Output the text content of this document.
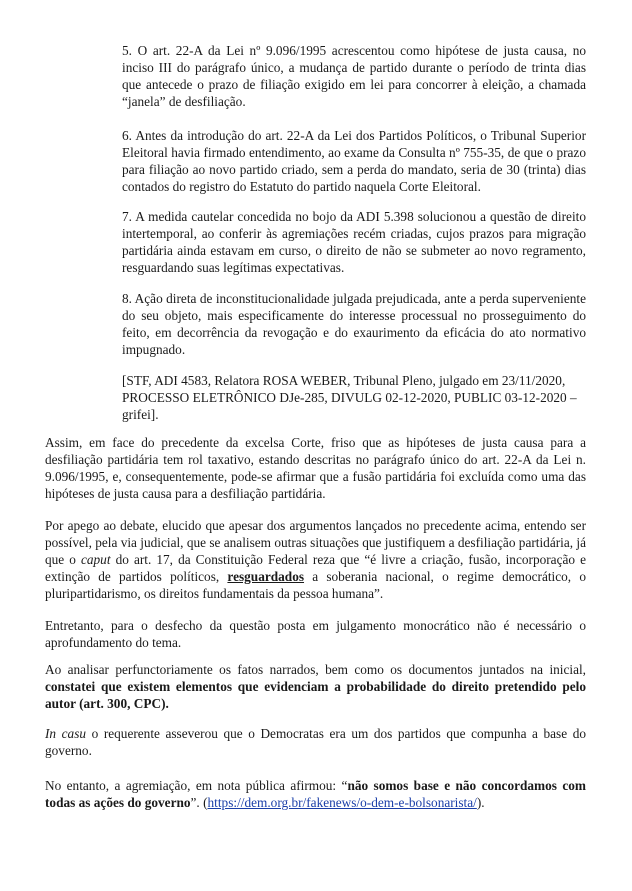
5. O art. 22-A da Lei nº 9.096/1995 acrescentou como hipótese de justa causa, no inciso III do parágrafo único, a mudança de partido durante o período de trinta dias que antecede o prazo de filiação exigido em lei para concorrer à eleição, a chamada “janela” de desfiliação.
6. Antes da introdução do art. 22-A da Lei dos Partidos Políticos, o Tribunal Superior Eleitoral havia firmado entendimento, ao exame da Consulta nº 755-35, de que o prazo para filiação ao novo partido criado, sem a perda do mandato, seria de 30 (trinta) dias contados do registro do Estatuto do partido naquela Corte Eleitoral.
7. A medida cautelar concedida no bojo da ADI 5.398 solucionou a questão de direito intertemporal, ao conferir às agremiações recém criadas, cujos prazos para migração partidária ainda estavam em curso, o direito de não se submeter ao novo regramento, resguardando suas legítimas expectativas.
8. Ação direta de inconstitucionalidade julgada prejudicada, ante a perda superveniente do seu objeto, mais especificamente do interesse processual no prosseguimento do feito, em decorrência da revogação e do exaurimento da eficácia do ato normativo impugnado.
[STF, ADI 4583, Relatora ROSA WEBER, Tribunal Pleno, julgado em 23/11/2020, PROCESSO ELETRÔNICO DJe-285, DIVULG 02-12-2020, PUBLIC 03-12-2020 – grifei].
Assim, em face do precedente da excelsa Corte, friso que as hipóteses de justa causa para a desfiliação partidária tem rol taxativo, estando descritas no parágrafo único do art. 22-A da Lei n. 9.096/1995, e, consequentemente, pode-se afirmar que a fusão partidária foi excluída como uma das hipóteses de justa causa para a desfiliação partidária.
Por apego ao debate, elucido que apesar dos argumentos lançados no precedente acima, entendo ser possível, pela via judicial, que se analisem outras situações que justifiquem a desfiliação partidária, já que o caput do art. 17, da Constituição Federal reza que “é livre a criação, fusão, incorporação e extinção de partidos políticos, resguardados a soberania nacional, o regime democrático, o pluripartidarismo, os direitos fundamentais da pessoa humana”.
Entretanto, para o desfecho da questão posta em julgamento monocrático não é necessário o aprofundamento do tema.
Ao analisar perfunctoriamente os fatos narrados, bem como os documentos juntados na inicial, constatei que existem elementos que evidenciam a probabilidade do direito pretendido pelo autor (art. 300, CPC).
In casu o requerente asseverou que o Democratas era um dos partidos que compunha a base do governo.
No entanto, a agremiação, em nota pública afirmou: “não somos base e não concordamos com todas as ações do governo”. (https://dem.org.br/fakenews/o-dem-e-bolsonarista/).
